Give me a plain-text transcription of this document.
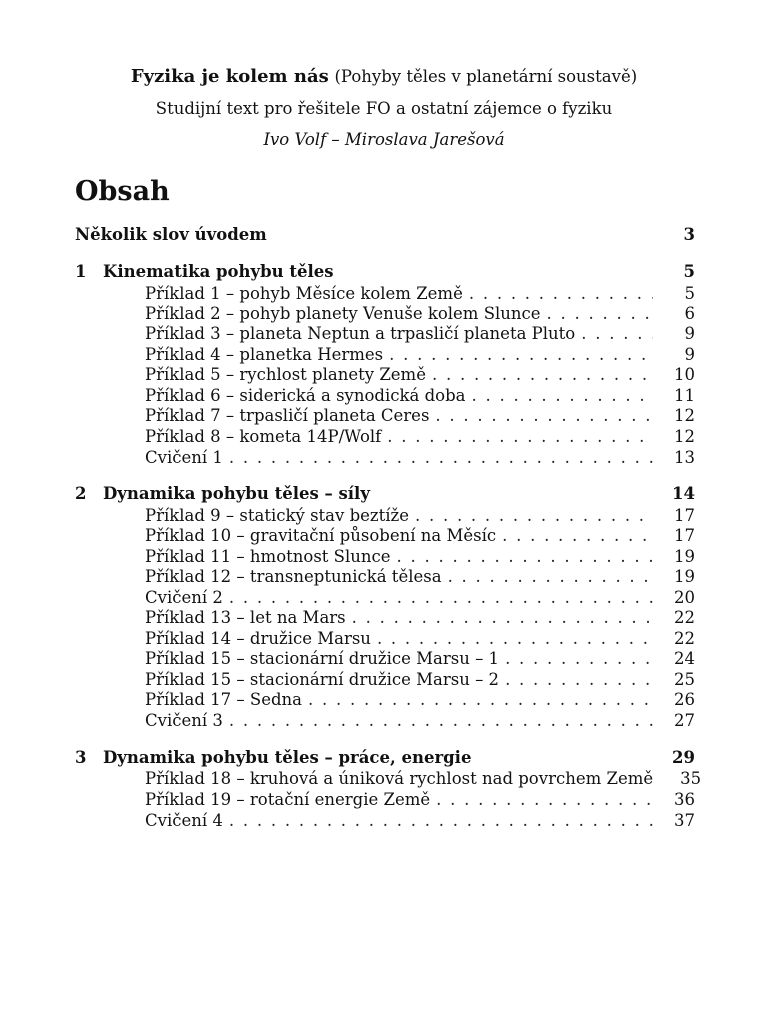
Fyzika je kolem nás (Pohyby těles v planetární soustavě)
Studijní text pro řešitele FO a ostatní zájemce o fyziku
Ivo Volf – Miroslava Jarešová
Obsah
Několik slov úvodem	3
1 Kinematika pohybu těles	5
Příklad 1 – pohyb Měsíce kolem Země . . .	5
Příklad 2 – pohyb planety Venuše kolem Slunce . . .	6
Příklad 3 – planeta Neptun a trpasličí planeta Pluto . . .	9
Příklad 4 – planetka Hermes . . .	9
Příklad 5 – rychlost planety Země . . .	10
Příklad 6 – siderická a synodická doba . . .	11
Příklad 7 – trpasličí planeta Ceres . . .	12
Příklad 8 – kometa 14P/Wolf . . .	12
Cvičení 1 . . .	13
2 Dynamika pohybu těles – síly	14
Příklad 9 – statický stav beztíže . . .	17
Příklad 10 – gravitační působení na Měsíc . . .	17
Příklad 11 – hmotnost Slunce . . .	19
Příklad 12 – transneptunická tělesa . . .	19
Cvičení 2 . . .	20
Příklad 13 – let na Mars . . .	22
Příklad 14 – družice Marsu . . .	22
Příklad 15 – stacionární družice Marsu – 1 . . .	24
Příklad 15 – stacionární družice Marsu – 2 . . .	25
Příklad 17 – Sedna . . .	26
Cvičení 3 . . .	27
3 Dynamika pohybu těles – práce, energie	29
Příklad 18 – kruhová a úniková rychlost nad povrchem Země	35
Příklad 19 – rotační energie Země . . .	36
Cvičení 4 . . .	37
